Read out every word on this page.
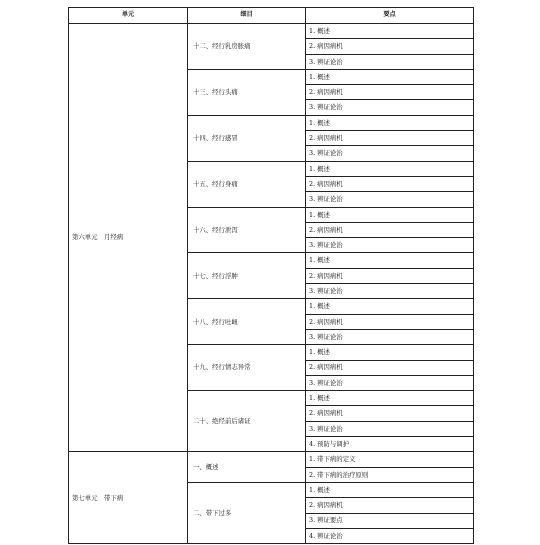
单元	细目	要点
第六单元　月经病	十二、经行乳房胀痛	1. 概述
		2. 病因病机
		3. 辨证论治
	十三、经行头痛	1. 概述
		2. 病因病机
		3. 辨证论治
	十四、经行感冒	1. 概述
		2. 病因病机
		3. 辨证论治
	十五、经行身痛	1. 概述
		2. 病因病机
		3. 辨证论治
	十六、经行泄泻	1. 概述
		2. 病因病机
		3. 辨证论治
	十七、经行浮肿	1. 概述
		2. 病因病机
		3. 辨证论治
	十八、经行吐衄	1. 概述
		2. 病因病机
		3. 辨证论治
	十九、经行情志异常	1. 概述
		2. 病因病机
		3. 辨证论治
	二十、绝经前后诸证	1. 概述
		2. 病因病机
		3. 辨证论治
		4. 预防与调护
第七单元　带下病	一、概述	1. 带下病的定义
		2. 带下病的治疗原则
	二、带下过多	1. 概述
		2. 病因病机
		3. 辨证要点
		4. 辨证论治
